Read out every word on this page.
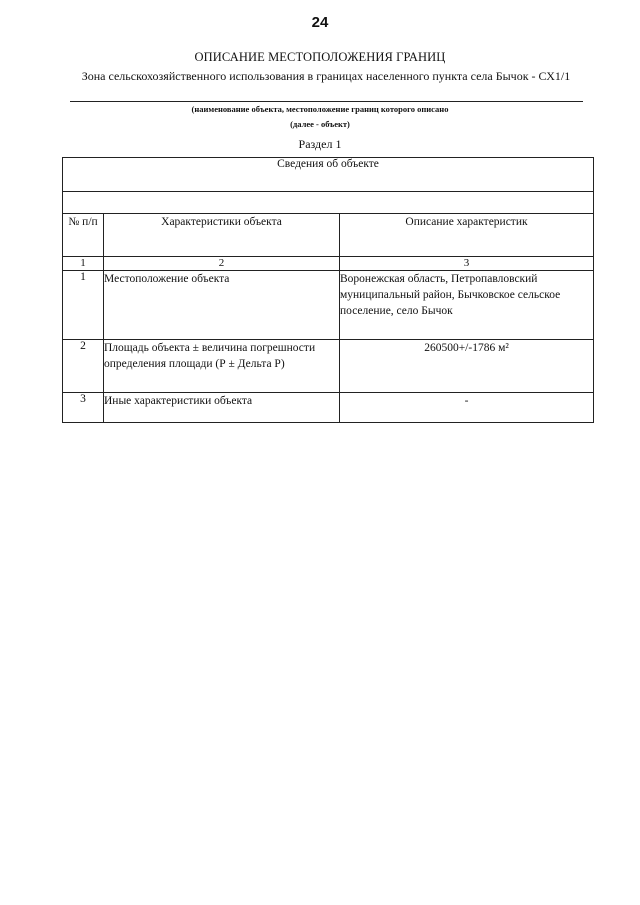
24
ОПИСАНИЕ МЕСТОПОЛОЖЕНИЯ ГРАНИЦ
Зона сельскохозяйственного использования в границах населенного пункта села Бычок - СХ1/1
(наименование объекта, местоположение границ которого описано
(далее - объект)
Раздел 1
Сведения об объекте		

№ п/п	Характеристики объекта	Описание характеристик
1	2	3
1	Местоположение объекта	Воронежская область, Петропавловский муниципальный район, Бычковское сельское поселение, село Бычок
2	Площадь объекта ± величина погрешности определения площади (Р ± Дельта Р)	260500+/-1786 м²
3	Иные характеристики объекта	-
